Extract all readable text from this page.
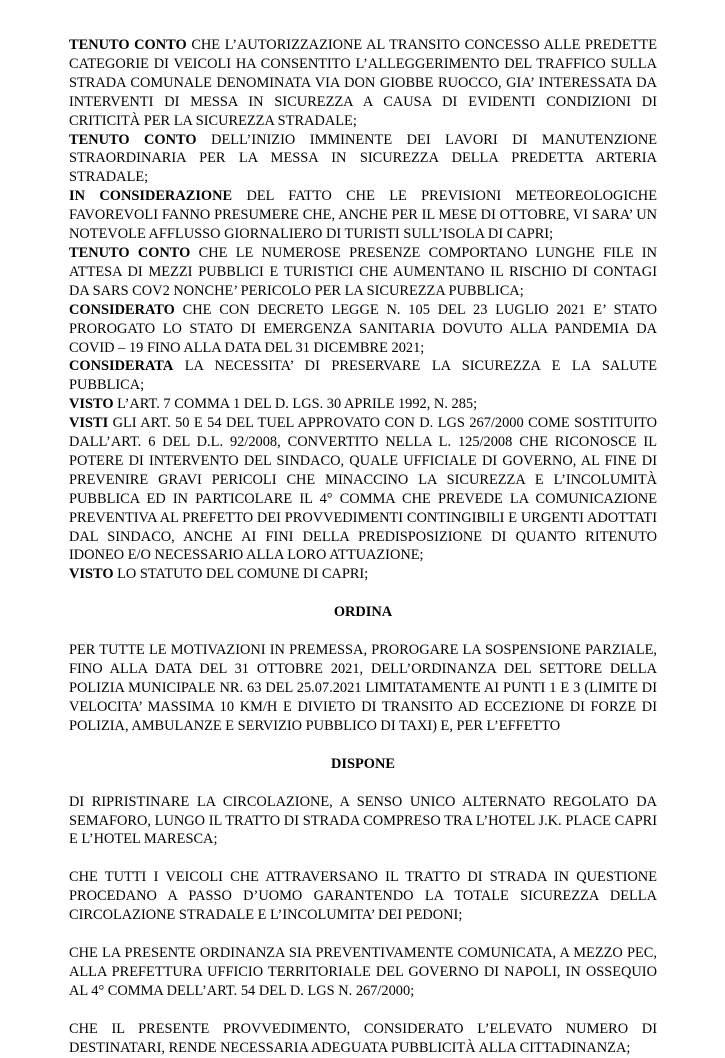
TENUTO CONTO CHE L’AUTORIZZAZIONE AL TRANSITO CONCESSO ALLE PREDETTE CATEGORIE DI VEICOLI HA CONSENTITO L’ALLEGGERIMENTO DEL TRAFFICO SULLA STRADA COMUNALE DENOMINATA VIA DON GIOBBE RUOCCO, GIA’ INTERESSATA DA INTERVENTI DI MESSA IN SICUREZZA A CAUSA DI EVIDENTI CONDIZIONI DI CRITICITÀ PER LA SICUREZZA STRADALE;

TENUTO CONTO DELL’INIZIO IMMINENTE DEI LAVORI DI MANUTENZIONE STRAORDINARIA PER LA MESSA IN SICUREZZA DELLA PREDETTA ARTERIA STRADALE;

IN CONSIDERAZIONE DEL FATTO CHE LE PREVISIONI METEOREOLOGICHE FAVOREVOLI FANNO PRESUMERE CHE, ANCHE PER IL MESE DI OTTOBRE, VI SARA’ UN NOTEVOLE AFFLUSSO GIORNALIERO DI TURISTI SULL’ISOLA DI CAPRI;

TENUTO CONTO CHE LE NUMEROSE PRESENZE COMPORTANO LUNGHE FILE IN ATTESA DI MEZZI PUBBLICI E TURISTICI CHE AUMENTANO IL RISCHIO DI CONTAGI DA SARS COV2 NONCHE’ PERICOLO PER LA SICUREZZA PUBBLICA;

CONSIDERATO CHE CON DECRETO LEGGE N. 105 DEL 23 LUGLIO 2021 E’ STATO PROROGATO LO STATO DI EMERGENZA SANITARIA DOVUTO ALLA PANDEMIA DA COVID – 19 FINO ALLA DATA DEL 31 DICEMBRE 2021;

CONSIDERATA LA NECESSITA’ DI PRESERVARE LA SICUREZZA E LA SALUTE PUBBLICA;

VISTO L’ART. 7 COMMA 1 DEL D. LGS. 30 APRILE 1992, N. 285;

VISTI GLI ART. 50 E 54 DEL TUEL APPROVATO CON D. LGS 267/2000 COME SOSTITUITO DALL’ART. 6 DEL D.L. 92/2008, CONVERTITO NELLA L. 125/2008 CHE RICONOSCE IL POTERE DI INTERVENTO DEL SINDACO, QUALE UFFICIALE DI GOVERNO, AL FINE DI PREVENIRE GRAVI PERICOLI CHE MINACCINO LA SICUREZZA E L’INCOLUMITÀ PUBBLICA ED IN PARTICOLARE IL 4° COMMA CHE PREVEDE LA COMUNICAZIONE PREVENTIVA AL PREFETTO DEI PROVVEDIMENTI CONTINGIBILI E URGENTI ADOTTATI DAL SINDACO, ANCHE AI FINI DELLA PREDISPOSIZIONE DI QUANTO RITENUTO IDONEO E/O NECESSARIO ALLA LORO ATTUAZIONE;

VISTO LO STATUTO DEL COMUNE DI CAPRI;

ORDINA

PER TUTTE LE MOTIVAZIONI IN PREMESSA, PROROGARE LA SOSPENSIONE PARZIALE, FINO ALLA DATA DEL 31 OTTOBRE 2021, DELL’ORDINANZA DEL SETTORE DELLA POLIZIA MUNICIPALE NR. 63 DEL 25.07.2021 LIMITATAMENTE AI PUNTI 1 E 3 (LIMITE DI VELOCITA’ MASSIMA 10 KM/H E DIVIETO DI TRANSITO AD ECCEZIONE DI FORZE DI POLIZIA, AMBULANZE E SERVIZIO PUBBLICO DI TAXI) E, PER L’EFFETTO

DISPONE

DI RIPRISTINARE LA CIRCOLAZIONE, A SENSO UNICO ALTERNATO REGOLATO DA SEMAFORO, LUNGO IL TRATTO DI STRADA COMPRESO TRA L’HOTEL J.K. PLACE CAPRI E L’HOTEL MARESCA;

CHE TUTTI I VEICOLI CHE ATTRAVERSANO IL TRATTO DI STRADA IN QUESTIONE PROCEDANO A PASSO D’UOMO GARANTENDO LA TOTALE SICUREZZA DELLA CIRCOLAZIONE STRADALE E L’INCOLUMITA’ DEI PEDONI;

CHE LA PRESENTE ORDINANZA SIA PREVENTIVAMENTE COMUNICATA, A MEZZO PEC, ALLA PREFETTURA UFFICIO TERRITORIALE DEL GOVERNO DI NAPOLI, IN OSSEQUIO AL 4° COMMA DELL’ART. 54 DEL D. LGS N. 267/2000;

CHE IL PRESENTE PROVVEDIMENTO, CONSIDERATO L’ELEVATO NUMERO DI DESTINATARI, RENDE NECESSARIA ADEGUATA PUBBLICITÀ ALLA CITTADINANZA;
